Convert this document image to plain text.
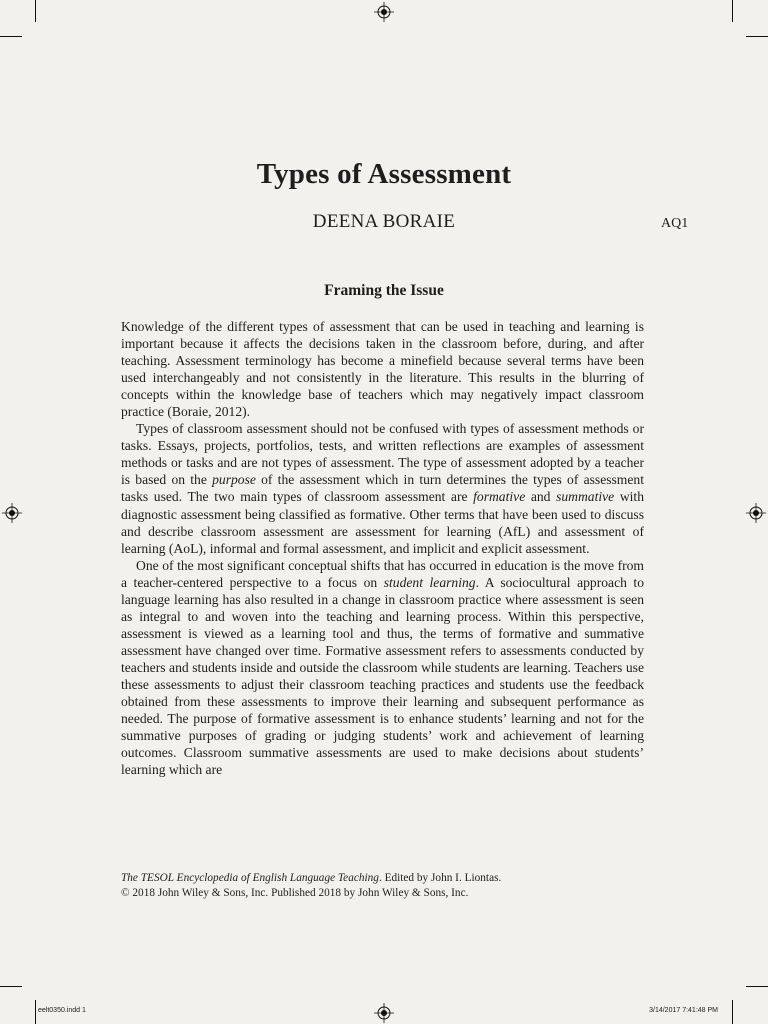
Types of Assessment
DEENA BORAIE	AQ1
Framing the Issue

Knowledge of the different types of assessment that can be used in teaching and learning is important because it affects the decisions taken in the classroom before, during, and after teaching. Assessment terminology has become a minefield because several terms have been used interchangeably and not consistently in the literature. This results in the blurring of concepts within the knowledge base of teachers which may negatively impact classroom practice (Boraie, 2012).

Types of classroom assessment should not be confused with types of assessment methods or tasks. Essays, projects, portfolios, tests, and written reflections are examples of assessment methods or tasks and are not types of assessment. The type of assessment adopted by a teacher is based on the purpose of the assessment which in turn determines the types of assessment tasks used. The two main types of classroom assessment are formative and summative with diagnostic assessment being classified as formative. Other terms that have been used to discuss and describe classroom assessment are assessment for learning (AfL) and assessment of learning (AoL), informal and formal assessment, and implicit and explicit assessment.

One of the most significant conceptual shifts that has occurred in education is the move from a teacher-centered perspective to a focus on student learning. A sociocultural approach to language learning has also resulted in a change in classroom practice where assessment is seen as integral to and woven into the teaching and learning process. Within this perspective, assessment is viewed as a learning tool and thus, the terms of formative and summative assessment have changed over time. Formative assessment refers to assessments conducted by teachers and students inside and outside the classroom while students are learning. Teachers use these assessments to adjust their classroom teaching practices and students use the feedback obtained from these assessments to improve their learning and subsequent performance as needed. The purpose of formative assessment is to enhance students’ learning and not for the summative purposes of grading or judging students’ work and achievement of learning outcomes. Classroom summative assessments are used to make decisions about students’ learning which are

The TESOL Encyclopedia of English Language Teaching. Edited by John I. Liontas.
© 2018 John Wiley & Sons, Inc. Published 2018 by John Wiley & Sons, Inc.
eelt0350.indd 1	3/14/2017 7:41:48 PM
